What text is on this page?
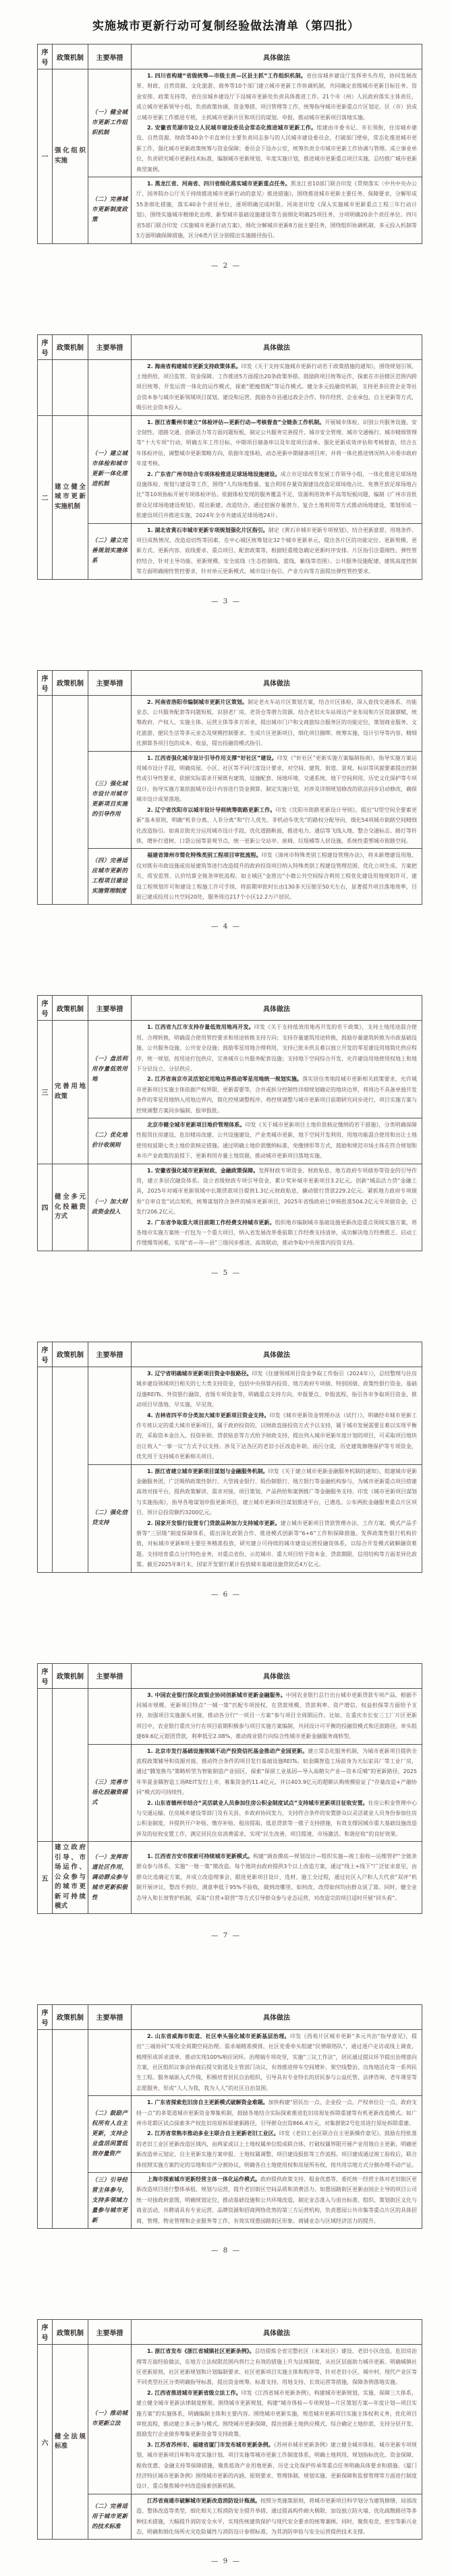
实施城市更新行动可复制经验做法清单（第四批）
序号	政策机制	主要举措	具体做法
一	强化组织实施	（一）健全城市更新工作组织机制	1. 四川省构建“省级统筹—市级主责—区县主抓”工作组织机制。省住房城乡建设厅发挥牵头作用，协同发展改革、财政、自然资源、文化旅游、商务等10个部门建立城市更新工作协调机制，共同确定省级城市更新目标任务、资金安排、政策支持等，省住房城乡建设厅下设城市更新处负责具体推进工作。21个市（州）人民政府落实主体责任，成立城市更新领导小组，负责政策协调、资金筹措、项目管理等工作，统筹指导城市更新重点片区划定。区（市）县成立城市更新工作推进专班，主抓城市更新片区和项目的谋划、申报，推动城市更新项目落地实施。

2. 安徽省芜湖市设立人民城市建设委员会常态化推进城市更新工作。组建由市委书记、市长领衔，住房城乡建设、自然资源、财政等40余个市直单位主要负责同志参与的人民城市建设委员会，打破部门壁垒，常态化推进城市更新工作，强化城市更新政策统筹与资金保障；委员会下设办公室，统筹负责全市城市更新工作协调与管理。成立事业单位，负责研究城市更新技术标准，编制城市更新规划、年度实施计划，推进城市更新重点项目实施，总结推广城市更新典型案例。

		（二）完善城市更新制度政策	1. 黑龙江省、河南省、四川省细化落实城市更新重点任务。黑龙江省10部门联合印发《贯彻落实〈中共中央办公厅、国务院办公厅关于持续推进城市更新行动的意见〉推进措施》，围绕推进城市更新主要任务、保障要求，分解形成55条细化措施，落实40余个责任单位，逐项明确完成时限。河南省印发《深入实施城市更新重点工程三年行动计划》，围绕实施城市精细化治理、新型城市基础设施建设等方面细化明确25项任务，分项明确20余个责任单位。四川省5部门联合印发《实施城市更新行动方案》，细化分解城市更新8方面主要任务，围绕组织协调机制、多元投入机制等5方面明确保障措施，区分6类片区分别提出实施路径指引。

— 2 —
序号	政策机制	主要举措	具体做法

			2. 海南省构建城市更新支持政策体系。印发《关于支持实施城市更新行动若干政策措施的通知》，围绕规划引领、土地供给、项目监管、资金保障、工作推进5方面提出20条政策举措。鼓励跨项目统筹运作，探索在市县辖区范围内跨项目统筹、开发运营一体化的运作模式，探索“肥瘦搭配”等运作模式。健全多元投融资机制，支持更多民营企业等社会资本参与城市更新领域项目谋划、建设和运营，鼓励各市县通过政企合作、特许经营、企业承包、自主更新等方式，吸引社会资本投入。

二	建立健全城市更新实施机制	（一）建立城市体检和城市更新一体化推进机制	1. 浙江省衢州市建立“体检评估—更新行动—考核督查”全链条工作机制。开展城市体检，识别公共服务设施、安全韧性、道路交通、创新活力等方面问题短板，制定公共服务完善提升、城市安全管理、城市交通畅行、城市精细管理等“十大专项”行动，明确五年工作目标、中期项目储备库以及年度项目清单。强化更新成效评估和考核督查，结合五年体检评估，调整城市更新策略方向，依据年度体检，动态更新中期储备项目库，并将一体化推进情况纳入市委市政府年度考核。

2. 广东省广州市结合专项体检推进足球场地设施建设。成立市足球改革发展工作领导小组，一体化推进足球场地设施体检、规划与建设等工作，围绕“人均场地数量、复合利用存量资源建设改造足球场地占比、免费开放足球场地占比”等10项指标开展专项体检评估。依据体检发现的服务覆盖不足、资源利用效率不高等短板问题，编制《广州市首批群众足球场地建设规划》，提出新建、改造结合，通过挖掘存量潜力、复合土地利用等方式推动场地建设，策划形成一批建设项目并推进实施，2024年全市共建成足球场地24片。

		（二）建立完善规划实施体系	1. 湖北省黄石市城市更新专项规划强化片区指引。制定《黄石市城市更新专项规划》，结合更新意愿、用地条件、项目成熟情况、改造迫切性等因素，在中心城区统筹划定32个城市更新单元，提出各片区的功能定位、更新规模、更新方式、更新内容、底线要求、重点项目、配套政策等，根据轻重缓急确定更新时序安排。片区指引注重刚性、弹性管控结合，针对主导功能、更新规模、安全底线（生态控制线、蓝线、紫线等范围）、公共服务设施配建、建筑高度控制等方面明确刚性管控要求，针对单元更新模式、城市设计指引、产业方向等方面提出弹性管控要求。

— 3 —
序号	政策机制	主要举措	具体做法

			2. 河南省洛阳市编制城市更新片区策划。制定老火车站片区策划方案，结合片区体检，深入查找交通体系、功能业态、公共服务配套等问题短板，识别老厂房、老货仓等潜力资源。结合老旧火车站周边产业布局和片区资源禀赋，统筹政府、产权人、实施主体、运营主体等多方诉求，提出城市门户和文商旅综合服务区的功能定位，策划商业服务、文化旅游、便民生活等多元业态及规模控制要求。生成片区更新项目，细化项目捆绑、统筹实施、设计引导等内容，精细化测算各项目包的成本、收益，提出投融资模式指引。

		（三）强化城市设计对城市更新项目实施的引导作用	1. 江西省强化城市设计引导作用支撑“好社区”建设。印发《“好社区”更新实施方案编制指南》，指导实施方案运用城市设计手段，明确房屋、小区、社区等不同尺度设计要求，对空间、建筑、街道、景观、标识等风貌要素提出控制性或引导性要求，依据实际需求开展既有建筑、设施配套、场地环境、交通系统、地下空间利用、历史文化保护等专项设计。指导实施方案依据城市设计内容进行资金测算、制定实施计划，对涉及详细规划修改的依法同步启动修改，确保城市设计成果落地。

2. 辽宁省沈阳市以城市设计导则统筹街路更新工作。印发《沈阳市街路更新设计导则》，提出“U型空间全要素更新”基本原则，明确“机非分离、人非分离”和“行人优先、非机动车优先”的路权分配导向，细化54项城市街路空间精细化改造指引。如南京街充分运用城市设计手段，优化道路断面，推进电力、通信等飞线入地，整合交通标志、路灯等杆体，增补行道树、口袋公园等景观节点，统一更新公交站亭、座椅、垃圾桶等人居设施，系统性重塑城市街路空间。

		（四）完善适应城市更新的工程项目建设实施管理制度	福建省漳州市简化特殊类别工程项目审批流程。印发《漳州市特殊类别工程建设管理办法》，将未新增建设用地、仅对既有市政设施或房屋建筑等进行改造提升的政府投资项目纳入特殊类别工程建设管理范围，优化立项生成、方案把关、质安监管、认价结算全链条审批流程。如主城区“金厝边”小微公共空间综合利用工程优化建设用地规划许可、建设工程规划许可和建设工程施工许可手续，将前期审批时长由130多天压缩至50天左右，显著提升项目落地效率，目前已建成投用公共空间20处，服务周边217个小区12.2万户居民。

— 4 —
序号	政策机制	主要举措	具体做法
三	完善用地政策	（一）盘活利用存量低效用地	1. 江西省九江市支持存量低效用地再开发。印发《关于支持低效用地再开发的若干政策》，支持土地用途混合使用、合理转换，明确混合使用管控要求和用途转换支持方向；支持存量建筑用途转换，鼓励存量建筑转换为市政基础设施、公共服务设施、公共安全设施；鼓励零星用地合理利用，支持已批未供且难以独立开发的零星建设用地简化供应程序，统一规划，按用途打包供应，完善城市公共服务配套设施；支持地下空间综合开发，允许建设用地使用权地上和地下分层设立、分层供应。

2. 江苏省南京市灵活划定用地边界推动零星用地统一规划实施。落实居住类地段城市更新相关政策要求，允许城市更新项目实施主体依据产权界限、更新需要等，合并或拆分控制性详细规划确定的地块边界，将周边不具备单独开发条件的零星用地纳入用地边界内，简化控规调整程序，将控规调整与城市更新项目前期研究同步进行，项目实施方案与控规调整方案同步编制、报审报批。

		（二）优化地价计收规则	北京市健全城市更新项目地价管理体系。印发《关于城市更新项目土地价款核定缴纳的若干措施》，分类明确保障性租赁住房建设、危旧楼房改建、公共设施建设、产业类城市更新、地下空间开发利用、用地功能混合使用和出让土地使用权延期七类土地价款核定措施。通过明确土地价款缴纳标准、免缴情形等方式，鼓励和规范市场主体在符合规划和本市产业政策的前提下，更新利用存量土地资源，推动城市更新项目落地实施。

四	健全多元化投融资方式	（一）加大财政资金投入	1. 安徽省强化城市更新财政、金融政策保障。发挥财政专项资金、财政贴息、地方政府专项债券等资金的引导作用，建立多层次融资体系。设立省级财政专项引导资金，累计奖补城市更新项目3.2亿元。创新“城品活力贷”金融工具，2025年对城市更新领域中长期贷款项目提供1.3亿元财政贴息，撬动银行贷款229.2亿元。紧抓地方政府专项债券“自审自发”试点契机，统筹谋划符合条件的城市更新项目，2025年省级政府已审核批准504.2亿元专项债资金，已发行206.2亿元。

2. 广东省争取重大项目前期工作经费支持城市更新。组织地市编制城市基础设施更新改造重点领域实施方案，将各地市实施方案统一打包为一个重大项目，纳入省发展改革委前期工作经费支持清单，成功解决地方经费匮乏、启动工作缓慢等困难，实现“省—市—县”三级同步推进、高效联动，推动争取中央预算内投资支持。

— 5 —
序号	政策机制	主要举措	具体做法

			3. 辽宁省明确城市更新项目资金申报路径。印发《住建领域项目资金争取工作指引（2024年）》，总结整理与住房城乡建设领域项目相关的七大类支持资金，包括中央预算内投资、地方政府专项债、特别国债、政策性银行资金、基础设施REITs、外资银行融资、省级专项资金等，明确重点支持方向、申报要点、申报流程，指引各市争取项目资金，推动项目早落地、早实施、早见效。

4. 吉林省四平市分类加大城市更新项目资金支持。印发《城市更新资金管理办法（试行）》，明确经市城市更新工作专班认定的重大城市更新项目，属于政府投资的，以财政直接投资方式予以支持，属于城市发展需要且难以实现平衡的，采取资本金注入、投资补助、贷款贴息等方式给予财政支持，提出列入城市更新年度计划的项目，可采取项目地块出让收入“一事一议”方式予以支持。涉及下达各区的老旧小区改造补助、雨污分流、历史建筑修缮保护等专项资金，优先用于支持城市更新相关项目。

		（二）强化信贷支持	1. 浙江省建立城市更新项目谋划与金融服务机制。印发《关于建立城市更新金融服务机制的通知》，组建城市更新金融服务团，广泛吸纳政策性银行、大型商业银行、股份制银行、地方银行等金融机构参与，为城市更新重点项目搭建高效对接平台，提供政策解读、需求对接、项目策划、产品供给和案例推广等金融服务支持。印发《城市更新项目谋划与实施指南》，指导各地谋划申报更新项目，建立城市更新项目谋划推进平台，已遴选、公布两批金融服务重点片区项目，预计总投资额约3200亿元。

2. 国家开发银行设置专门贷款品种加力支持城市更新。建立城市更新项目贷款管理办法、工作方案、模式产品手册等“三层级”制度保障体系，提出深化政银合作、推进模式创新等“6+6”工作和保障措施。发挥政策性银行机构价值，对标城市更新8项主要任务精准投放，研究建立可持续的城市建设运营投融资体系，以综合开发模式破解融资难题。支持培育重点分行特色业务，对重点省份、示范城市、重大项目给予资本金、贷款期限、信用结构等方面差异化政策。截至2025年8月末，国家开发银行累计投放城市基础设施贷款近4万亿元。

— 6 —
序号	政策机制	主要举措	具体做法

			3. 中国农业银行深化政银企协同创新城市更新金融服务。中国农业银行总行出台城市更新贷款专项产品，根据不同城市规模、更新项目特点“一城一策”匹配专项授权，在贷款规模、贷款利率、资产增信、权益担保等方面给予支持，加强项目实施源头对接，推动各分行“一项目一方案”参与项目全周期运作。比如，在重庆市长安三工厂片区更新项目中，农业银行重庆分行在项目前期积极参与项目实施方案编制，共同设计可平衡的投融资模式和还款路径，牵头组建69.6亿元银团贷款，利率低至2.08%，推动商业银行向综合性城市更新金融服务商转型。

		（三）完善市场化投融资模式	1. 北京市发行基础设施领域不动产投资信托基金推动产业园更新。建立常态化服务机制，为城市更新项目提供全流程政策辅导和资源对接，推动符合条件的项目发行基础设施REITs。如金隅智造工场前身为天坛家具厂等工业厂房，通过“腾笼换鸟”策略转型为智能制造产业园区，探索“保留工业基因—导入高精尖产业—资本反哺”的更新路径，2025年华夏金隅智造工场REIT发行上市，募集资金约11.4亿元，并以403.9亿元的超额认购规模验证了“存量改造+产融协同”模式的可持续性。

2. 山东省德州市结合“灵活就业人员参加住房公积金制度试点”支持城市更新项目征收安置。住房公积金管理中心与交通运输、住房城乡建设等部门及有关县、乡政府协同发力，支持符合条件的安置群众以灵活就业人员身份参加住房公积金制度，并提供开户补贴、缴存补贴、租房提取、低息贷款等一揽子支持措施，有效支撑因城市重大基础设施改造涉及的征收安置工作，满足居民住房消费需求，实现“民生改善、项目提速、市场激活、和谐征收”的良好效果。

五	建立政府引导、市场运作、公众参与的城市更新可持续模式	（一）发挥街道社区作用，调动群众参与城市更新积极性	1. 江西省吉安市探索可持续城市更新模式。构建“调查摸底—规划设计—组织实施—竣工验收—运维管护”全链条群众参与体系，实施“一地一策”微改造。每个地块由政府提供3个以上改造方案，通过“线上+线下”广泛征求意见，由群众比选确定方案，并成立改造理事会，跟进更新项目设计、选材、施工全过程，通过社区入户和人大代表“双评”机制开展评议，整改不到位、满意率低于95%不验收，做到改哪里、如何改、改得如何均由群众说了算。同时，健全业态导入和长效管护机制，采取“自营+联营”等方式引导群众参与业态运营，对改造完的项目适时开展“回头看”。

— 7 —
序号	政策机制	主要举措	具体做法

			2. 山东省威海市街道、社区牵头强化城市更新基层治理。印发《西苑片区城市更新“多元共治”指导意见》，提出“三端协同”实现全周期空间治理。需求端精准摸排，社区党委牵头组建“民情联络队”，通过逐户走访或线上调查，梳理形成诉求清单、推动实现100%响应闭环。治理端专项攻坚，实施“三议工作法”，居民通过提议环节提出治理意向方案，社区组织议事会协商后提交街道及主管部门决议，有效推进停车空间增补、架空线整治、边角地活化等一系列民生工程。服务端嵌入式升级，积极培育居民自治组织，引导具有专业特长的居民参与公益托管、法律咨询、老年课堂等志愿服务，形成“人人为我，我为人人”的社区自治氛围。

		（二）鼓励产权所有人自主更新，支持企业盘活闲置低效存量资产	1. 广东省探索危旧房自主更新模式破解资金难题。加快构建“居民出一点、企业投一点、产权单位让一点、政府支持一点”的多渠道城市更新资金筹集机制，鼓励各地结合实际探索推进危旧房原址拆除重建等有机更新改造模式。如广州市花都区试点探索多产权危旧房原拆原建新路径，引导群众出资866.4万元，对集群街2号危房进行原址拆除重建。

2. 江苏省常熟市推动多业主联合自主更新老旧工业区。印发《老旧工业区联合自主更新操作意见》，鼓励在经批准的老旧工业区更新改造区域内，由两家或以上土地权属单位组成联合体，打破权属界限开展产业用地自主更新，明确更新改造单元划定、自主更新实施方案申报、土地权属调整、项目建设报批等工作流程。项目建成通过竣工验收后，联合体按照实施方案约定的宗地和房产分割协议，明确各自土地使用权和房屋所有权，按共用宗地方式分割办理不动产证。

		（三）引导经营主体参与，支持多领域力量参与城市更新	上海市探索城市更新经营主体一体化运作模式。政府提供政策支持、租金优惠等，委托统一经营主体对老旧街区更新改造项目进行整体承租、规划与运营，提升老旧街区空间品质和消费活力。如愚园路街区更新由国企主导的项目公司统一对接政府意图，明确规划定位，推动基础设施和公共环境改造，制定业态准入与退出标准，组织、策划街区文化与商业活动，并聘请具有专业运营、品牌资源和招商网络优势的第三方运营机构，负责愚园公共市集等重点片区的具体招商、管理、物业管理和企业服务等工作，有效实现愚园路街区形象、商铺业态与区域经济活力的提升。

— 8 —
序号	政策机制	主要举措	具体做法
六	健全法规标准	（一）推动城市更新立法	1. 浙江省发布《浙江省城镇社区更新条例》。总结提炼全省完整社区（未来社区）建设、老旧小区改造、危旧房治理等方面经验做法，在地方立法权限范围内将行之有效的措施上升为法规制度，从社区层面助力城市更新。明确城镇社区更新原则、社区更新规划和计划编制要求、社区更新项目实施主体和程序等，针对老旧小区、城中村、现代产业区等不同类型社区分类明确指导标准，提出资金统筹、标准支持、用地支持、长效运营等措施，保障条例落地实施。

2. 江西省推进城市更新省级立法工作。印发《江西省城市更新条例》，构建城市更新规划、实施、保障三大体系，建立健全城市更新法律制度框架。围绕城市更新规划，构建“城市体检—专项规划—片区策划方案—年度计划—项目实施方案”的实施体系，明确编制主体和主要内容。围绕城市更新实施，规范城市更新项目实施主体权利义务，优化项目审批流程，推动建立多元参与模式。围绕城市更新保障，提出创新土地供应模式、综合确定土地价款、支持分层开发、鼓励发行企业债券筹集更新资金等支持政策。

3. 江苏省苏州市、福建省厦门市发布城市更新条例。《苏州市城市更新条例》建立健全城市体检、城市更新专项规划、城市更新项目库和年度实施计划、项目实施等城市更新工作制度体系，明确土地利用、规划指标优化、资金保障、税收优惠、金融支持等保障措施，聚焦低效产业用地更新、历史文化保护传承等重点任务明确具体要求和措施。《厦门经济特区城市更新条例》围绕城市更新的内涵、原则要求、管理体制、规划实施、更新保障和监督管理等方面进行制度设计，重点聚焦城中村改造探索创新机制。

		（二）完善适用于城市更新的技术标准	江苏省南通市破解城市更新改造消防设计瓶颈。按照分类施策原则，将城市更新项目科学划分为建筑修缮、局部改造、整体改造等类型，细化相关工程消防安全提升举措，通过提高构件耐火极限、加设独立防火墙、优化疏散路径等多种技术措施，大幅提升消防安全水平，实现传统建筑保护与现代安全要求的统筹兼顾。同时，聚焦电竞、密室等新兴业态，明确和细化场所火灾危险属性与消防设计参照标准，为其消防审验与安全运营提供技术支撑。

— 9 —
